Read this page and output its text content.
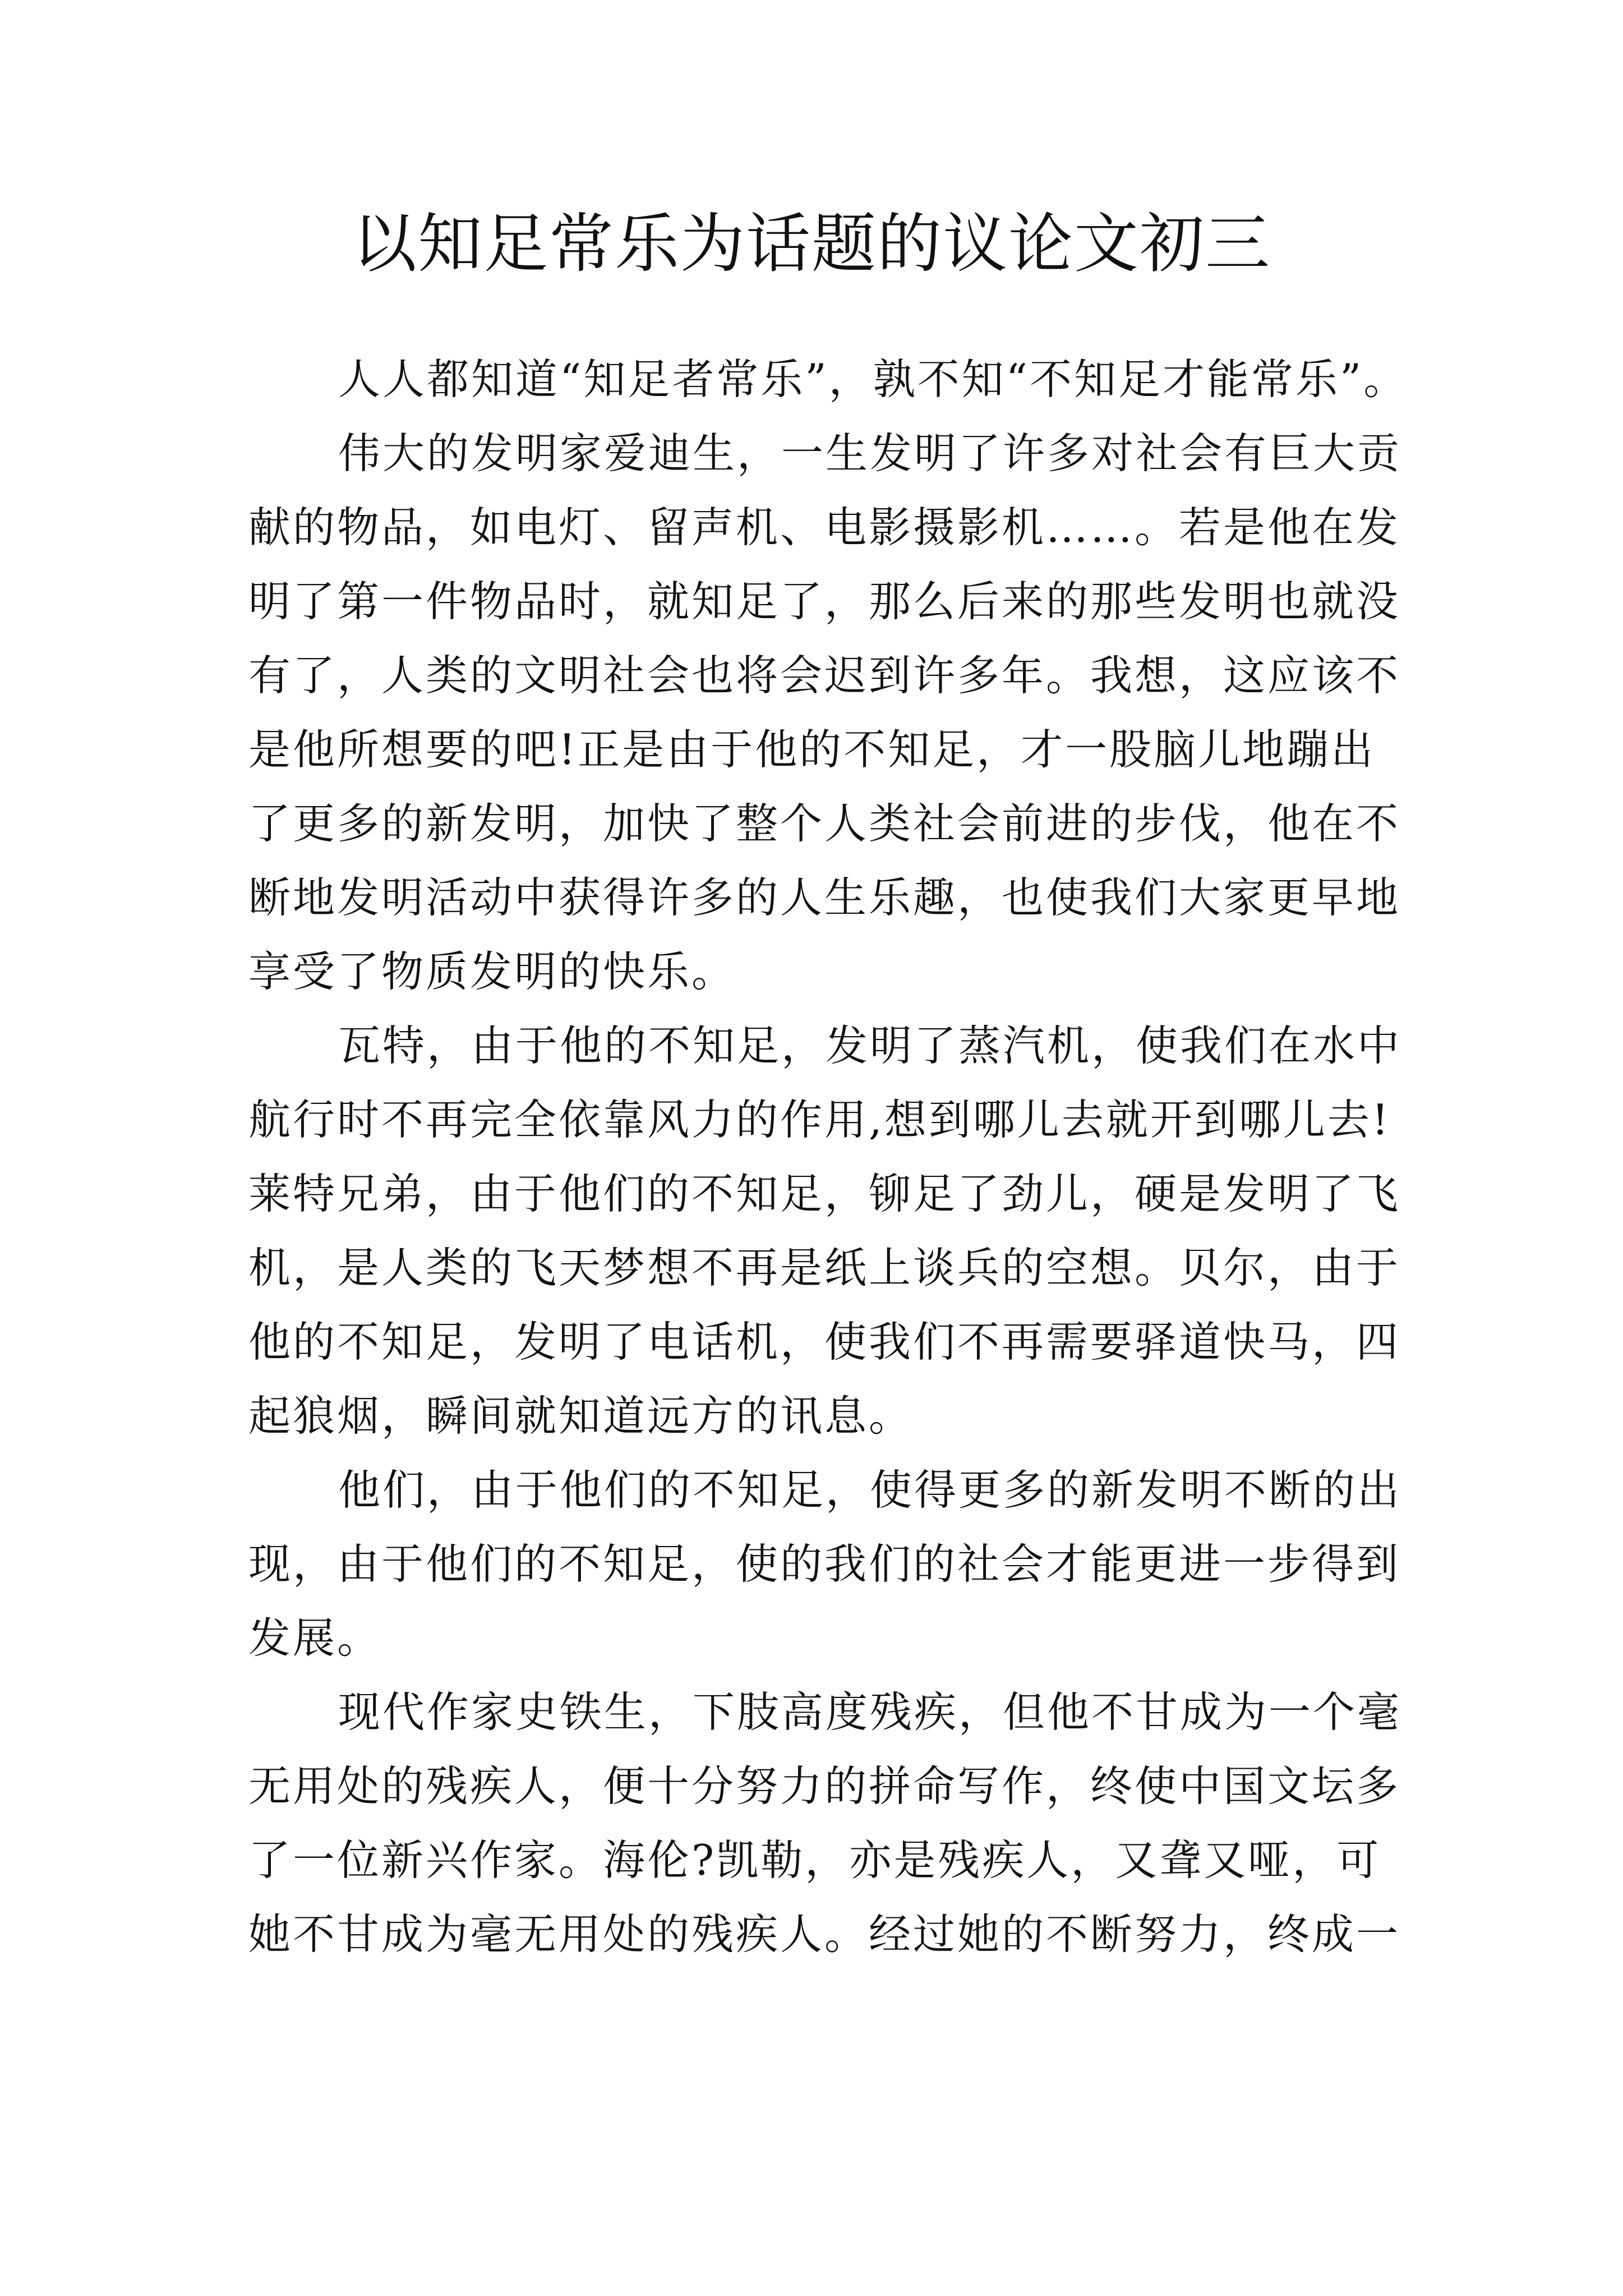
以知足常乐为话题的议论文初三
人人都知道“知足者常乐”，孰不知“不知足才能常乐”。
伟大的发明家爱迪生，一生发明了许多对社会有巨大贡
献的物品，如电灯、留声机、电影摄影机……。若是他在发
明了第一件物品时，就知足了，那么后来的那些发明也就没
有了，人类的文明社会也将会迟到许多年。我想，这应该不
是他所想要的吧!正是由于他的不知足，才一股脑儿地蹦出
了更多的新发明，加快了整个人类社会前进的步伐，他在不
断地发明活动中获得许多的人生乐趣，也使我们大家更早地
享受了物质发明的快乐。
瓦特，由于他的不知足，发明了蒸汽机，使我们在水中
航行时不再完全依靠风力的作用,想到哪儿去就开到哪儿去!
莱特兄弟，由于他们的不知足，铆足了劲儿，硬是发明了飞
机，是人类的飞天梦想不再是纸上谈兵的空想。贝尔，由于
他的不知足，发明了电话机，使我们不再需要驿道快马，四
起狼烟，瞬间就知道远方的讯息。
他们，由于他们的不知足，使得更多的新发明不断的出
现，由于他们的不知足，使的我们的社会才能更进一步得到
发展。
现代作家史铁生，下肢高度残疾，但他不甘成为一个毫
无用处的残疾人，便十分努力的拼命写作，终使中国文坛多
了一位新兴作家。海伦?凯勒，亦是残疾人，又聋又哑，可
她不甘成为毫无用处的残疾人。经过她的不断努力，终成一
